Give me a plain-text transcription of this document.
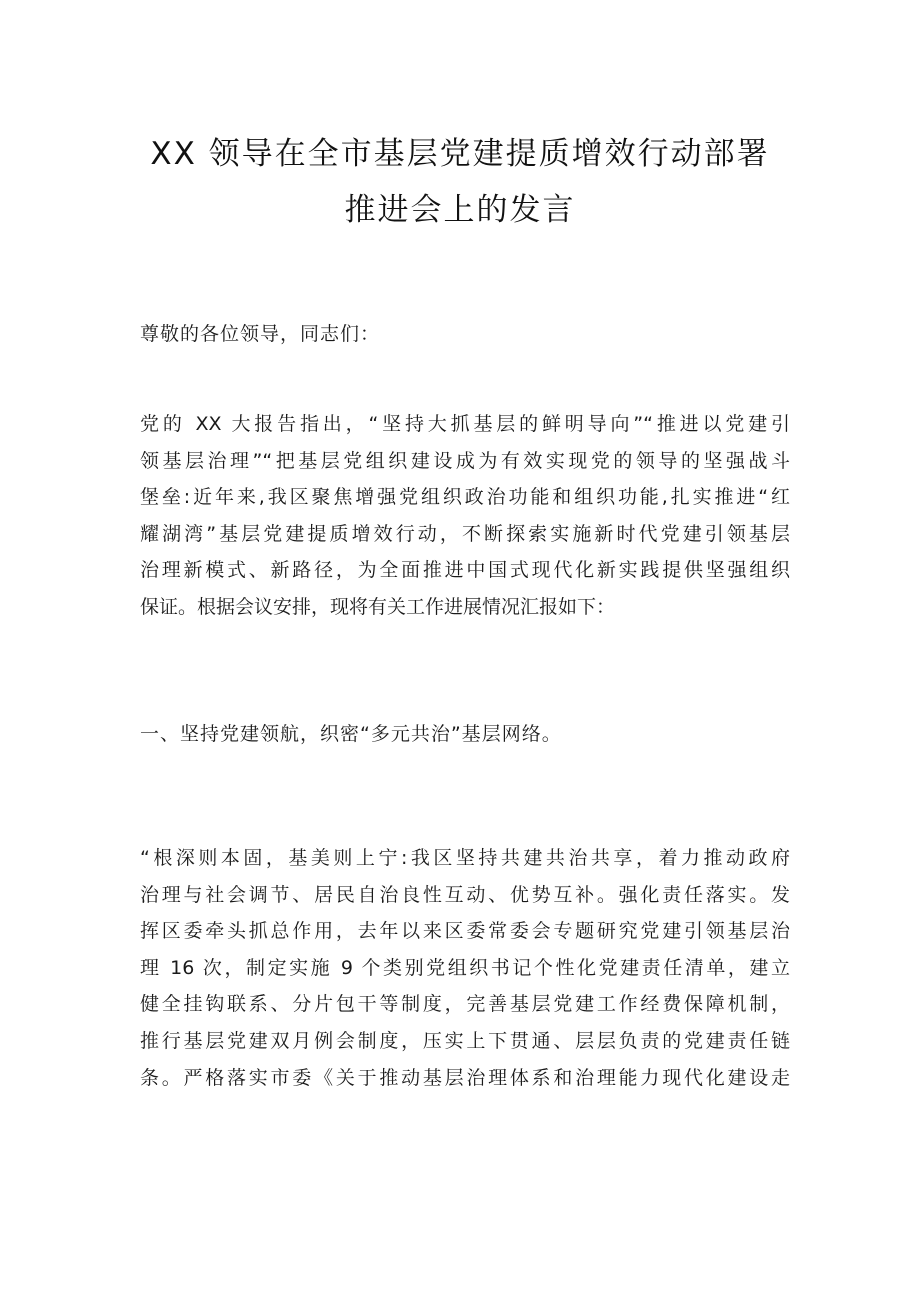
XX 领导在全市基层党建提质增效行动部署
推进会上的发言

尊敬的各位领导，同志们：

党的 XX 大报告指出，“坚持大抓基层的鲜明导向”“推进以党建引
领基层治理”“把基层党组织建设成为有效实现党的领导的坚强战斗
堡垒:近年来,我区聚焦增强党组织政治功能和组织功能,扎实推进“红
耀湖湾”基层党建提质增效行动，不断探索实施新时代党建引领基层
治理新模式、新路径，为全面推进中国式现代化新实践提供坚强组织
保证。根据会议安排，现将有关工作进展情况汇报如下：
一、坚持党建领航，织密“多元共治”基层网络。
“根深则本固，基美则上宁:我区坚持共建共治共享，着力推动政府
治理与社会调节、居民自治良性互动、优势互补。强化责任落实。发
挥区委牵头抓总作用，去年以来区委常委会专题研究党建引领基层治
理 16 次，制定实施 9 个类别党组织书记个性化党建责任清单，建立
健全挂钩联系、分片包干等制度，完善基层党建工作经费保障机制，
推行基层党建双月例会制度，压实上下贯通、层层负责的党建责任链
条。严格落实市委《关于推动基层治理体系和治理能力现代化建设走
